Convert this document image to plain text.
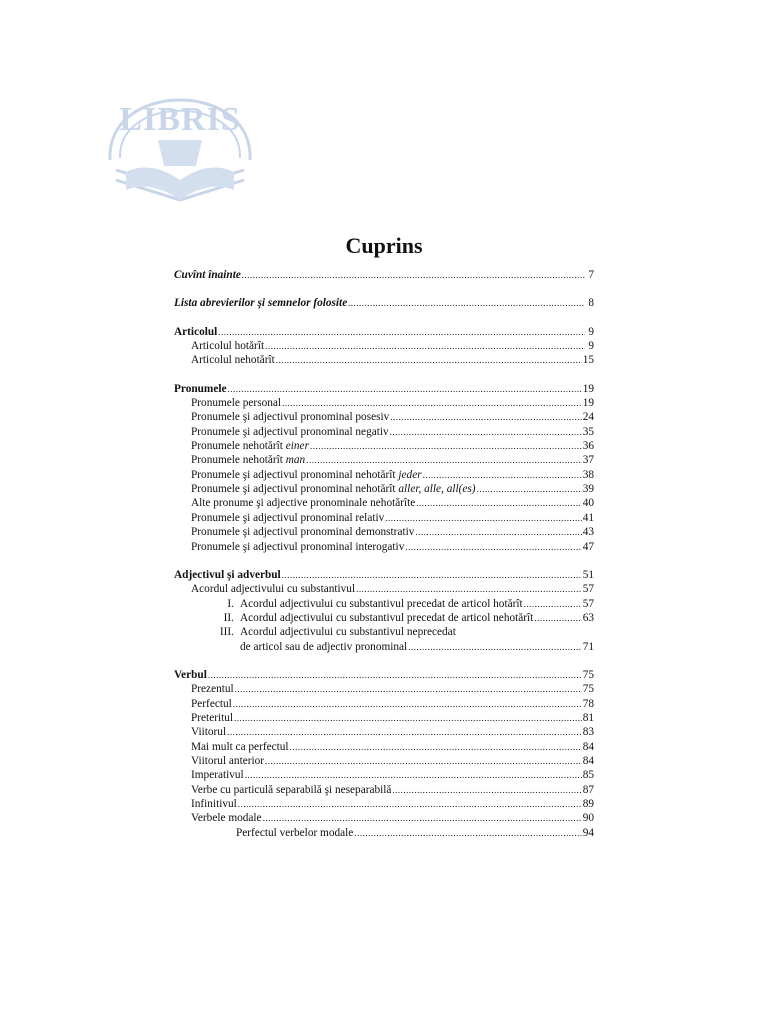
LIBRIS
Cuprins
Cuvînt înainte .....	7
Lista abrevierilor şi semnelor folosite .....	8
Articolul .....	9
Articolul hotărît .....	9
Articolul nehotărît .....	15
Pronumele .....	19
Pronumele personal .....	19
Pronumele şi adjectivul pronominal posesiv .....	24
Pronumele şi adjectivul pronominal negativ .....	35
Pronumele nehotărît einer .....	36
Pronumele nehotărît man .....	37
Pronumele şi adjectivul pronominal nehotărît jeder .....	38
Pronumele şi adjectivul pronominal nehotărît aller, alle, all(es) .....	39
Alte pronume şi adjective pronominale nehotărîte .....	40
Pronumele şi adjectivul pronominal relativ .....	41
Pronumele şi adjectivul pronominal demonstrativ .....	43
Pronumele şi adjectivul pronominal interogativ .....	47
Adjectivul şi adverbul .....	51
Acordul adjectivului cu substantivul .....	57
I. Acordul adjectivului cu substantivul precedat de articol hotărît .....	57
II. Acordul adjectivului cu substantivul precedat de articol nehotărît .....	63
III. Acordul adjectivului cu substantivul neprecedat
de articol sau de adjectiv pronominal .....	71
Verbul .....	75
Prezentul .....	75
Perfectul .....	78
Preteritul .....	81
Viitorul .....	83
Mai mult ca perfectul .....	84
Viitorul anterior .....	84
Imperativul .....	85
Verbe cu particulă separabilă şi neseparabilă .....	87
Infinitivul .....	89
Verbele modale .....	90
Perfectul verbelor modale .....	94
